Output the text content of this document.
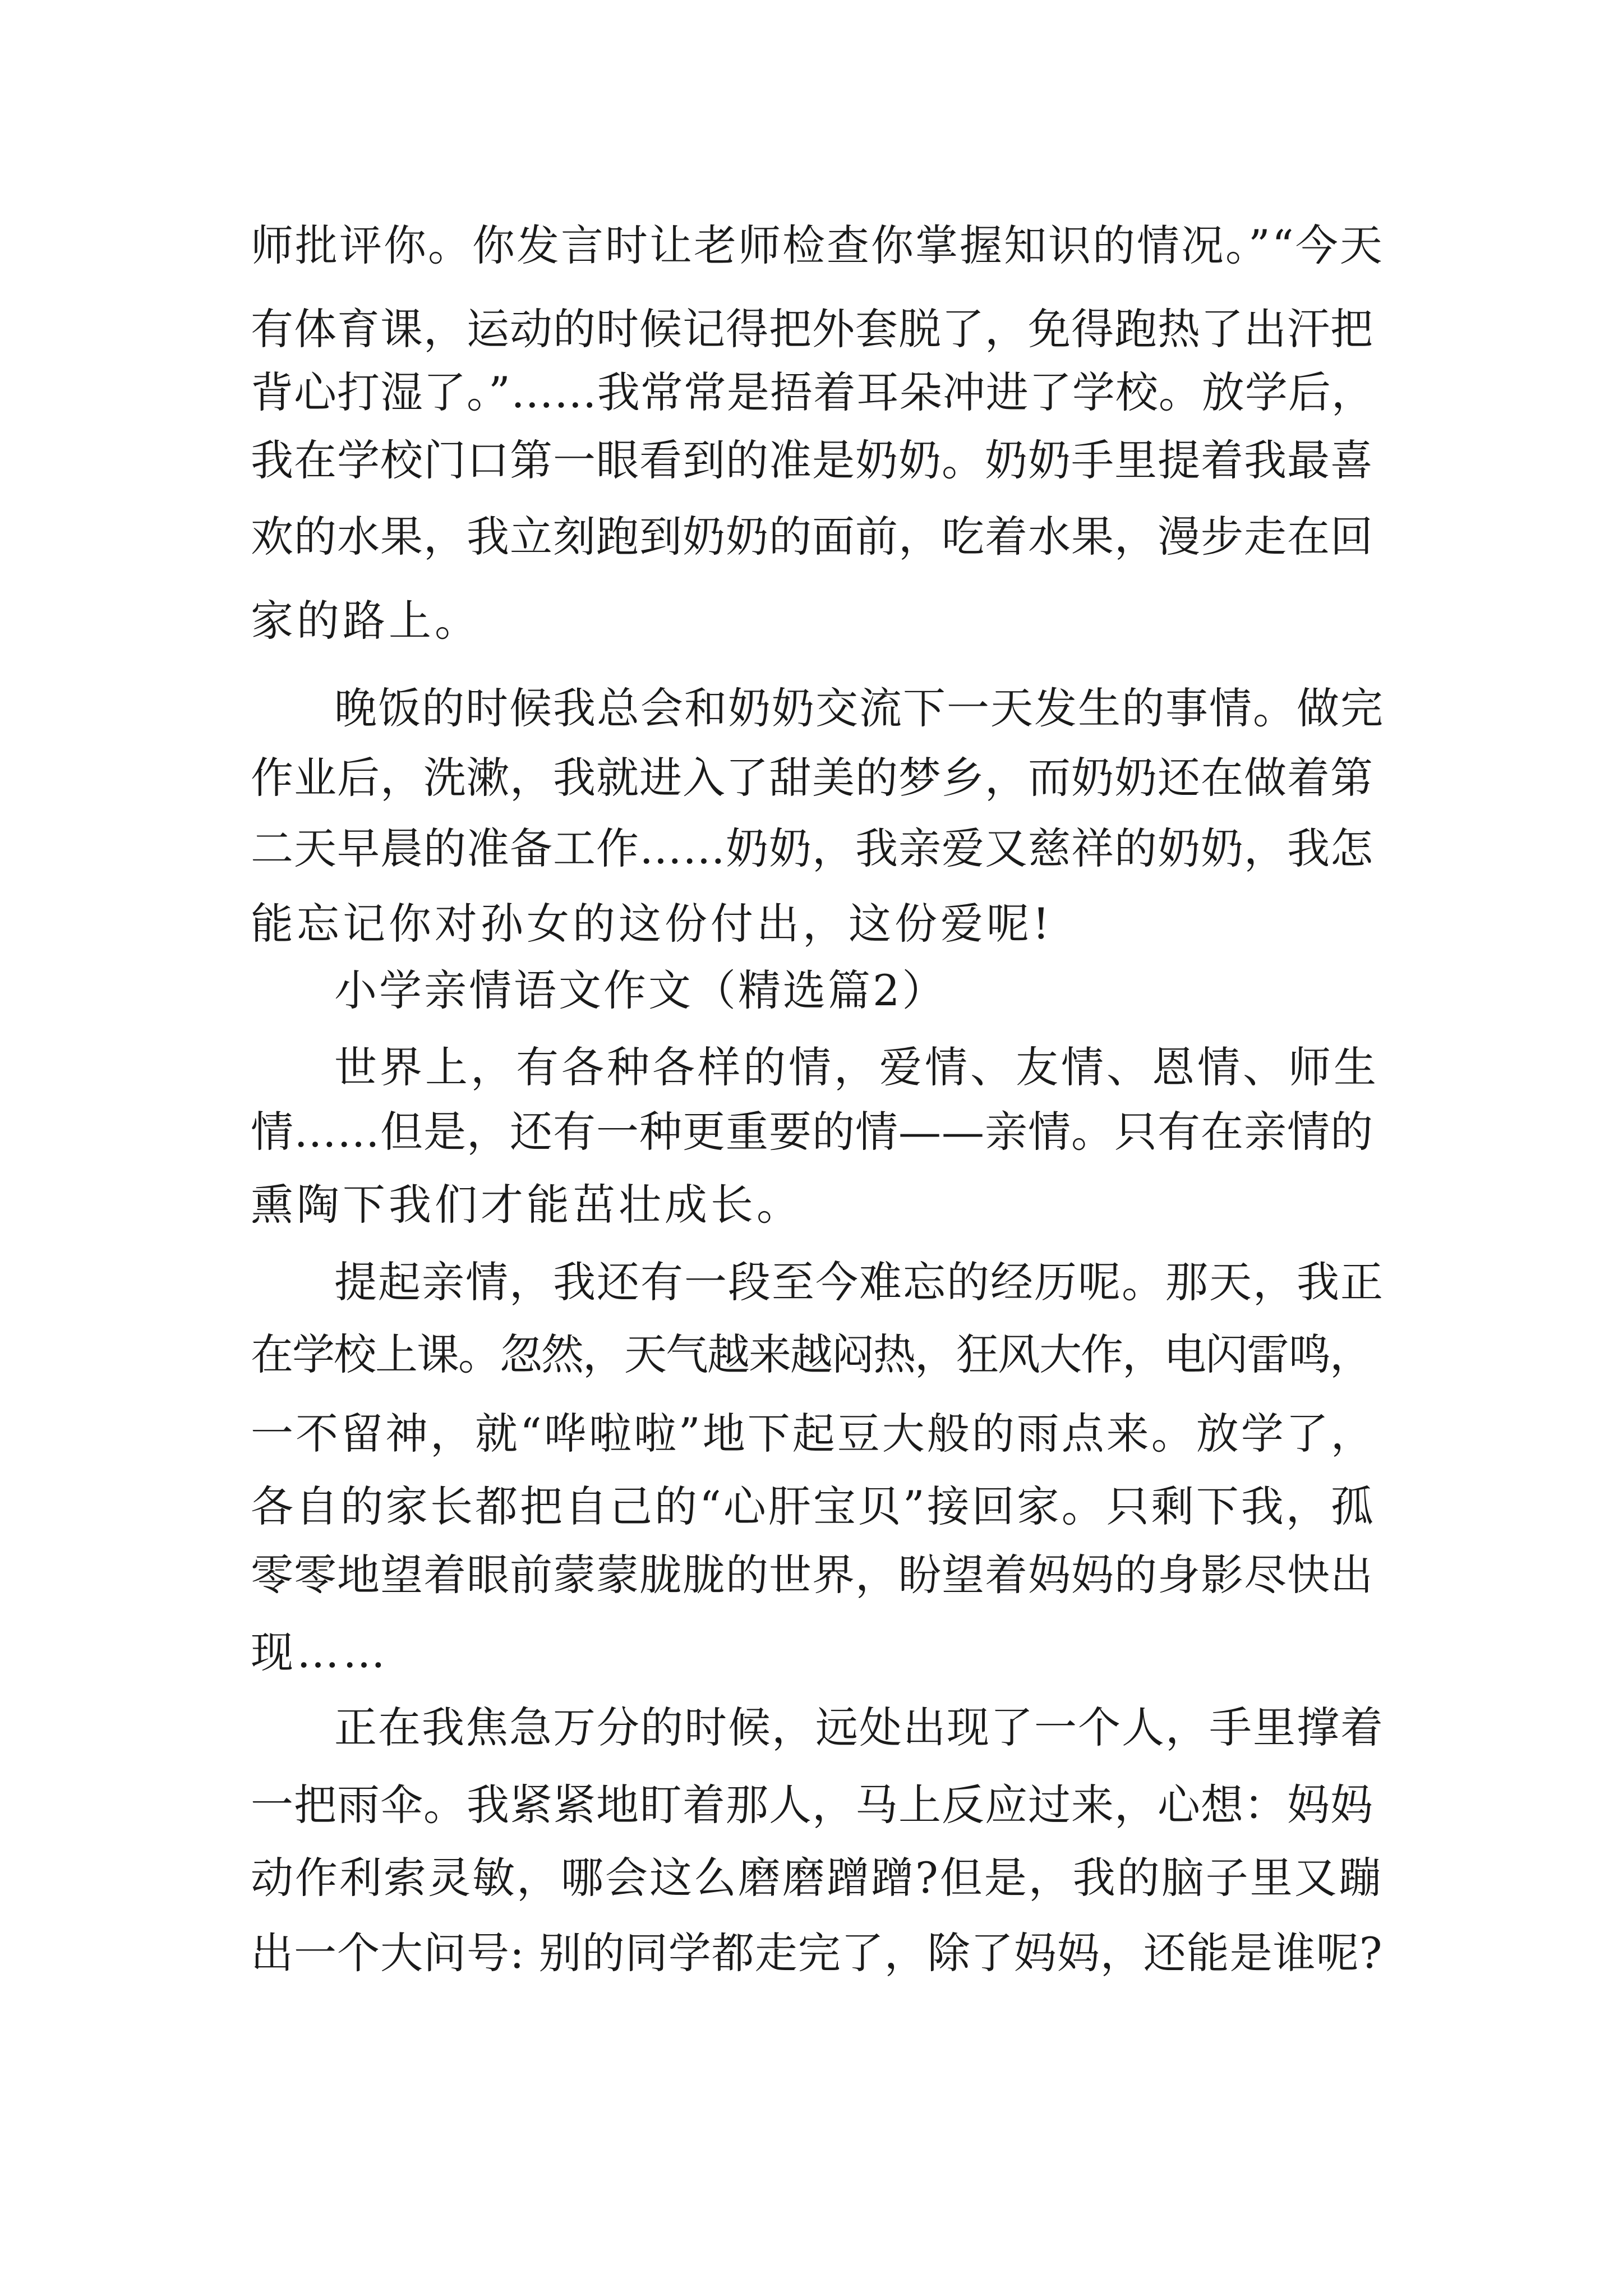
师批评你。你发言时让老师检查你掌握知识的情况。”“今天

有体育课，运动的时候记得把外套脱了，免得跑热了出汗把

背心打湿了。”……我常常是捂着耳朵冲进了学校。放学后，

我在学校门口第一眼看到的准是奶奶。奶奶手里提着我最喜

欢的水果，我立刻跑到奶奶的面前，吃着水果，漫步走在回

家的路上。

晚饭的时候我总会和奶奶交流下一天发生的事情。做完

作业后，洗漱，我就进入了甜美的梦乡，而奶奶还在做着第

二天早晨的准备工作……奶奶，我亲爱又慈祥的奶奶，我怎

能忘记你对孙女的这份付出，这份爱呢!

小学亲情语文作文（精选篇2）

世界上，有各种各样的情，爱情、友情、恩情、师生

情……但是，还有一种更重要的情——亲情。只有在亲情的

熏陶下我们才能茁壮成长。

提起亲情，我还有一段至今难忘的经历呢。那天，我正

在学校上课。忽然，天气越来越闷热，狂风大作，电闪雷鸣，

一不留神，就“哗啦啦”地下起豆大般的雨点来。放学了，

各自的家长都把自己的“心肝宝贝”接回家。只剩下我，孤

零零地望着眼前蒙蒙胧胧的世界，盼望着妈妈的身影尽快出

现……

正在我焦急万分的时候，远处出现了一个人，手里撑着

一把雨伞。我紧紧地盯着那人，马上反应过来，心想：妈妈

动作利索灵敏，哪会这么磨磨蹭蹭?但是，我的脑子里又蹦

出一个大问号: 别的同学都走完了，除了妈妈，还能是谁呢?
